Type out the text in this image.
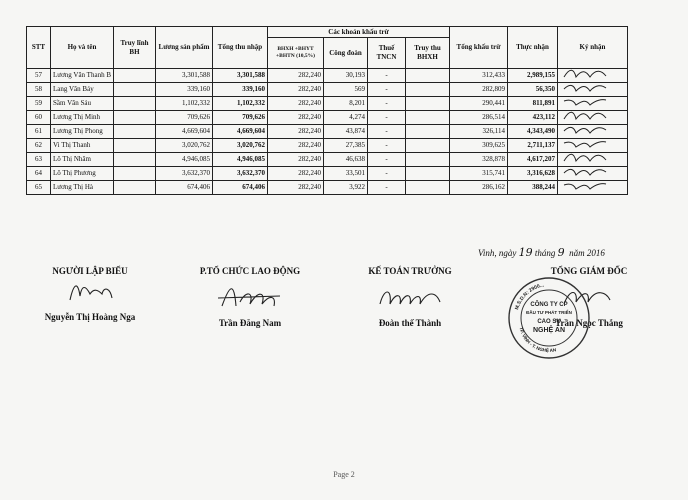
STT	Họ và tên	Truy lĩnh BH	Lương sản phẩm	Tổng thu nhập	Các khoản khấu trừ				Tổng khấu trừ	Thực nhận	Ký nhận
					BHXH +BHYT +BHTN (10,5%)	Công đoàn	Thuế TNCN	Truy thu BHXH			
57	Lương Văn Thanh B		3,301,588	3,301,588	282,240	30,193	-		312,433	2,989,155	

58	Lang Văn Bảy		339,160	339,160	282,240	569	-		282,809	56,350	

59	Sầm Văn Sáu		1,102,332	1,102,332	282,240	8,201	-		290,441	811,891	

60	Lương Thị Minh		709,626	709,626	282,240	4,274	-		286,514	423,112	

61	Lương Thị Phong		4,669,604	4,669,604	282,240	43,874	-		326,114	4,343,490	

62	Vi Thị Thanh		3,020,762	3,020,762	282,240	27,385	-		309,625	2,711,137	

63	Lô Thị Nhâm		4,946,085	4,946,085	282,240	46,638	-		328,878	4,617,207	

64	Lô Thị Phương		3,632,370	3,632,370	282,240	33,501	-		315,741	3,316,628	

65	Lương Thị Hà		674,406	674,406	282,240	3,922	-		286,162	388,244	
Vinh, ngày 19 tháng 9 năm 2016
NGƯỜI LẬP BIỂU
Nguyễn Thị Hoàng Nga
P.TỔ CHỨC LAO ĐỘNG
Trần Đăng Nam
KẾ TOÁN TRƯỞNG
Đoàn thế Thành
TỔNG GIÁM ĐỐC
Trần Ngọc Thắng
CÔNG TY CP
ĐẦU TƯ PHÁT TRIỂN
CAO SU
NGHỆ AN
M.S.D.N: 2900...
TP. VINH - T. NGHỆ AN
Page 2
